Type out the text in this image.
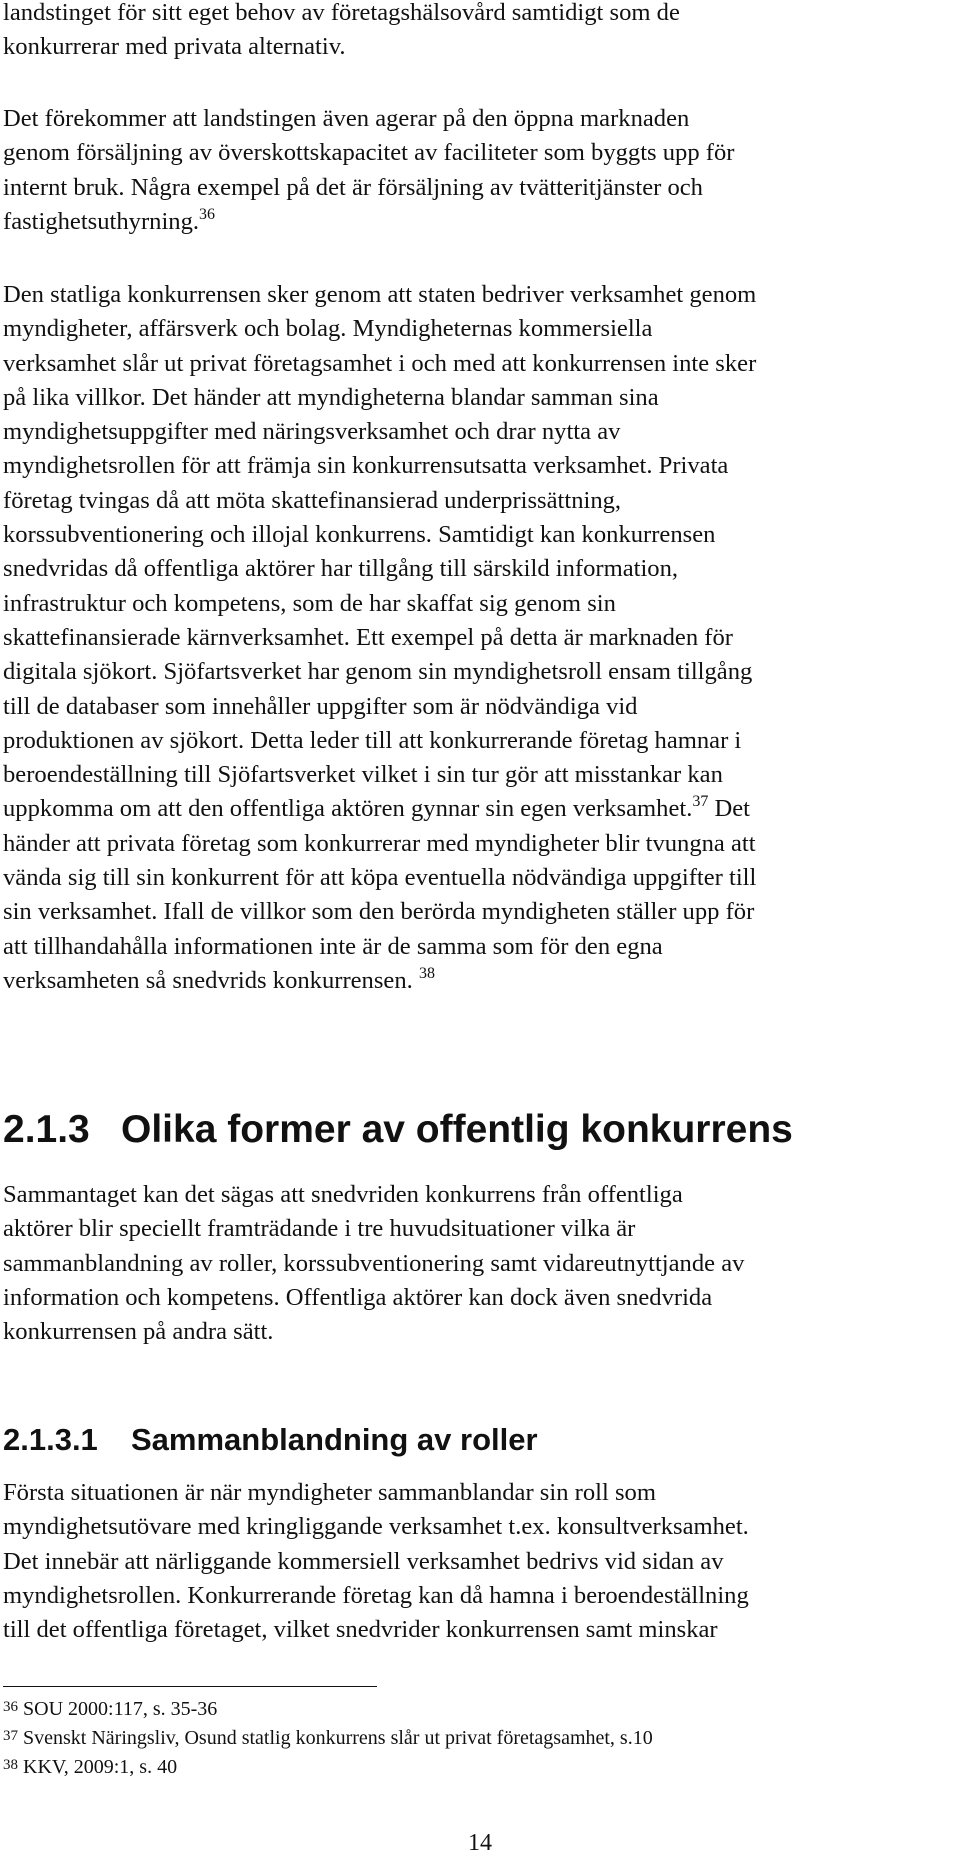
landstinget för sitt eget behov av företagshälsovård samtidigt som de
konkurrerar med privata alternativ.

Det förekommer att landstingen även agerar på den öppna marknaden
genom försäljning av överskottskapacitet av faciliteter som byggts upp för
internt bruk. Några exempel på det är försäljning av tvätteritjänster och
fastighetsuthyrning.$^{36}$

Den statliga konkurrensen sker genom att staten bedriver verksamhet genom
myndigheter, affärsverk och bolag. Myndigheternas kommersiella
verksamhet slår ut privat företagsamhet i och med att konkurrensen inte sker
på lika villkor. Det händer att myndigheterna blandar samman sina
myndighetsuppgifter med näringsverksamhet och drar nytta av
myndighetsrollen för att främja sin konkurrensutsatta verksamhet. Privata
företag tvingas då att möta skattefinansierad underprissättning,
korssubventionering och illojal konkurrens. Samtidigt kan konkurrensen
snedvridas då offentliga aktörer har tillgång till särskild information,
infrastruktur och kompetens, som de har skaffat sig genom sin
skattefinansierade kärnverksamhet. Ett exempel på detta är marknaden för
digitala sjökort. Sjöfartsverket har genom sin myndighetsroll ensam tillgång
till de databaser som innehåller uppgifter som är nödvändiga vid
produktionen av sjökort. Detta leder till att konkurrerande företag hamnar i
beroendeställning till Sjöfartsverket vilket i sin tur gör att misstankar kan
uppkomma om att den offentliga aktören gynnar sin egen verksamhet.$^{37}$ Det
händer att privata företag som konkurrerar med myndigheter blir tvungna att
vända sig till sin konkurrent för att köpa eventuella nödvändiga uppgifter till
sin verksamhet. Ifall de villkor som den berörda myndigheten ställer upp för
att tillhandahålla informationen inte är de samma som för den egna
verksamheten så snedvrids konkurrensen. $^{38}$

2.1.3 Olika former av offentlig konkurrens

Sammantaget kan det sägas att snedvriden konkurrens från offentliga
aktörer blir speciellt framträdande i tre huvudsituationer vilka är
sammanblandning av roller, korssubventionering samt vidareutnyttjande av
information och kompetens. Offentliga aktörer kan dock även snedvrida
konkurrensen på andra sätt.

2.1.3.1 Sammanblandning av roller

Första situationen är när myndigheter sammanblandar sin roll som
myndighetsutövare med kringliggande verksamhet t.ex. konsultverksamhet.
Det innebär att närliggande kommersiell verksamhet bedrivs vid sidan av
myndighetsrollen. Konkurrerande företag kan då hamna i beroendeställning
till det offentliga företaget, vilket snedvrider konkurrensen samt minskar

$^{36}$ SOU 2000:117, s. 35-36

$^{37}$ Svenskt Näringsliv, Osund statlig konkurrens slår ut privat företagsamhet, s.10

$^{38}$ KKV, 2009:1, s. 40

14
